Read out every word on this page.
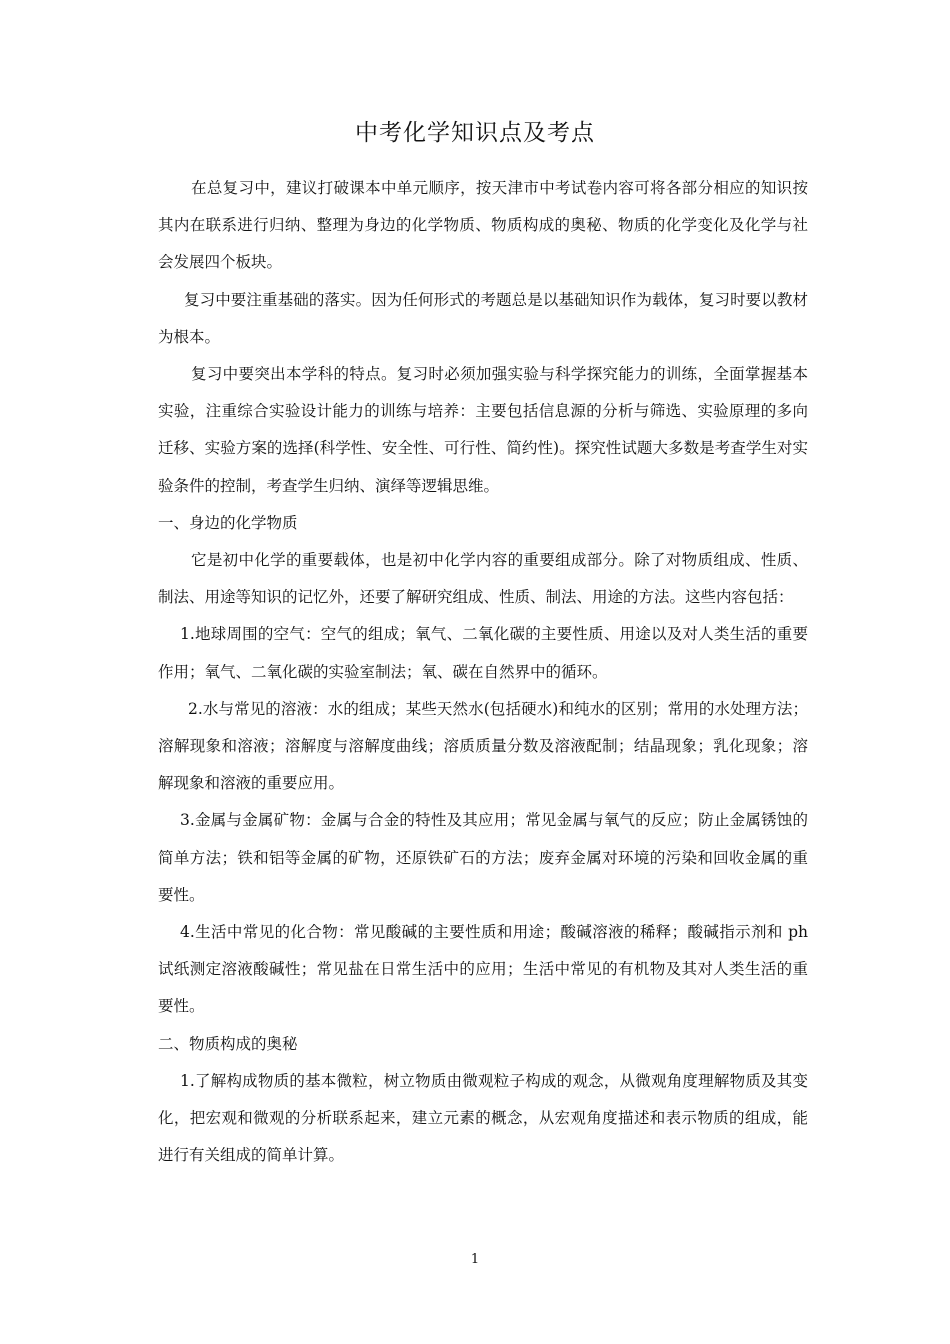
中考化学知识点及考点

在总复习中，建议打破课本中单元顺序，按天津市中考试卷内容可将各部分相应的知识按其内在联系进行归纳、整理为身边的化学物质、物质构成的奥秘、物质的化学变化及化学与社会发展四个板块。

复习中要注重基础的落实。因为任何形式的考题总是以基础知识作为载体，复习时要以教材为根本。

复习中要突出本学科的特点。复习时必须加强实验与科学探究能力的训练，全面掌握基本实验，注重综合实验设计能力的训练与培养：主要包括信息源的分析与筛选、实验原理的多向迁移、实验方案的选择(科学性、安全性、可行性、简约性)。探究性试题大多数是考查学生对实验条件的控制，考查学生归纳、演绎等逻辑思维。

一、身边的化学物质

它是初中化学的重要载体，也是初中化学内容的重要组成部分。除了对物质组成、性质、制法、用途等知识的记忆外，还要了解研究组成、性质、制法、用途的方法。这些内容包括：

1.地球周围的空气：空气的组成；氧气、二氧化碳的主要性质、用途以及对人类生活的重要作用；氧气、二氧化碳的实验室制法；氧、碳在自然界中的循环。

2.水与常见的溶液：水的组成；某些天然水(包括硬水)和纯水的区别；常用的水处理方法；溶解现象和溶液；溶解度与溶解度曲线；溶质质量分数及溶液配制；结晶现象；乳化现象；溶解现象和溶液的重要应用。

3.金属与金属矿物：金属与合金的特性及其应用；常见金属与氧气的反应；防止金属锈蚀的简单方法；铁和铝等金属的矿物，还原铁矿石的方法；废弃金属对环境的污染和回收金属的重要性。

4.生活中常见的化合物：常见酸碱的主要性质和用途；酸碱溶液的稀释；酸碱指示剂和 ph 试纸测定溶液酸碱性；常见盐在日常生活中的应用；生活中常见的有机物及其对人类生活的重要性。

二、物质构成的奥秘

1.了解构成物质的基本微粒，树立物质由微观粒子构成的观念，从微观角度理解物质及其变化，把宏观和微观的分析联系起来，建立元素的概念，从宏观角度描述和表示物质的组成，能进行有关组成的简单计算。

1
